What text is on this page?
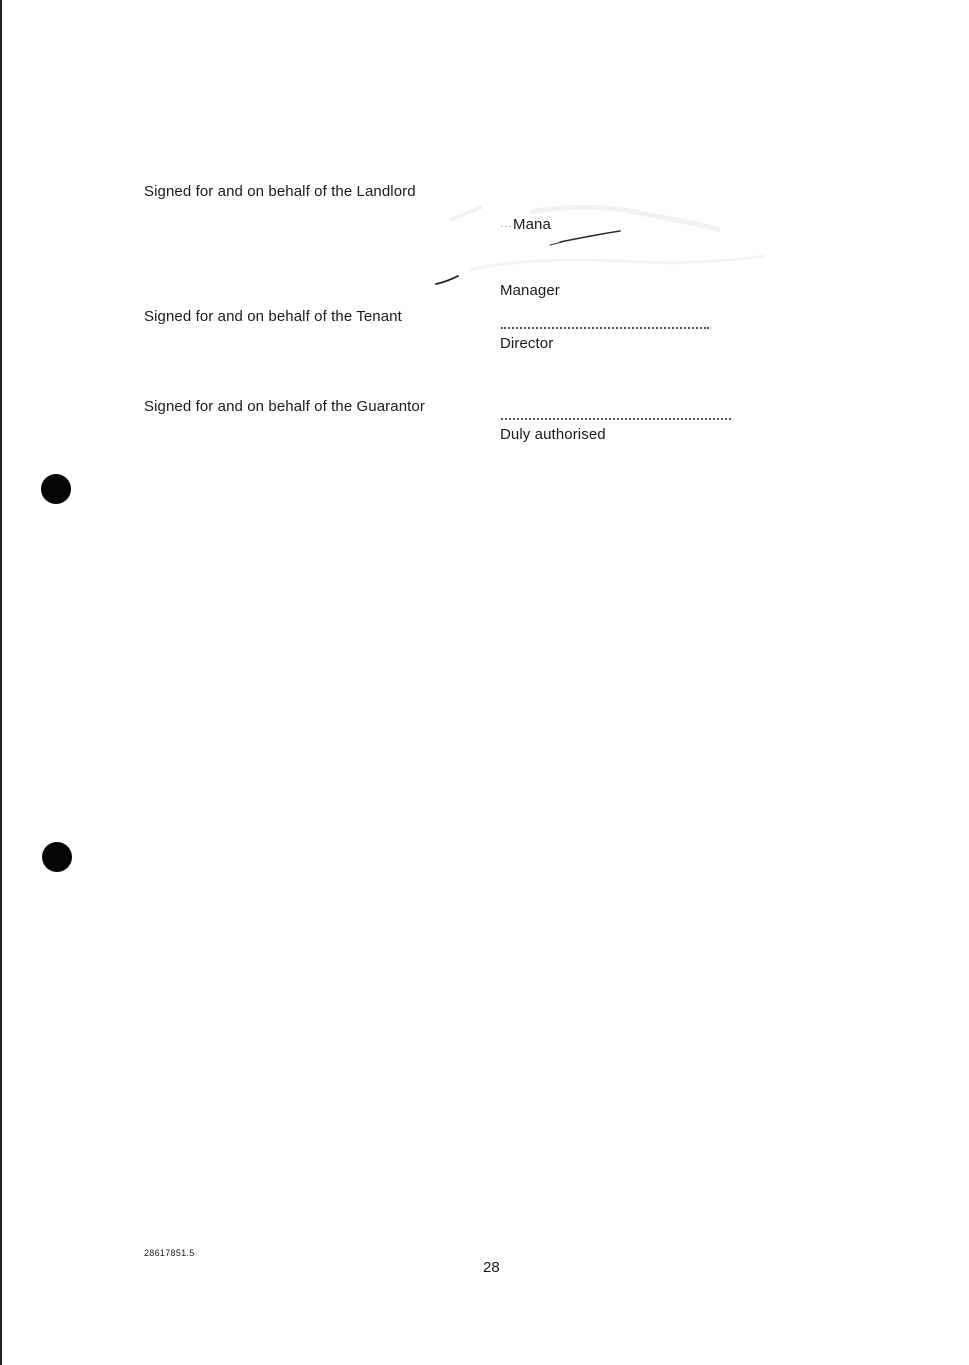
Signed for and on behalf of the Landlord
···Mana
Manager
Signed for and on behalf of the Tenant
Director
Signed for and on behalf of the Guarantor
Duly authorised
28617851.5
28
